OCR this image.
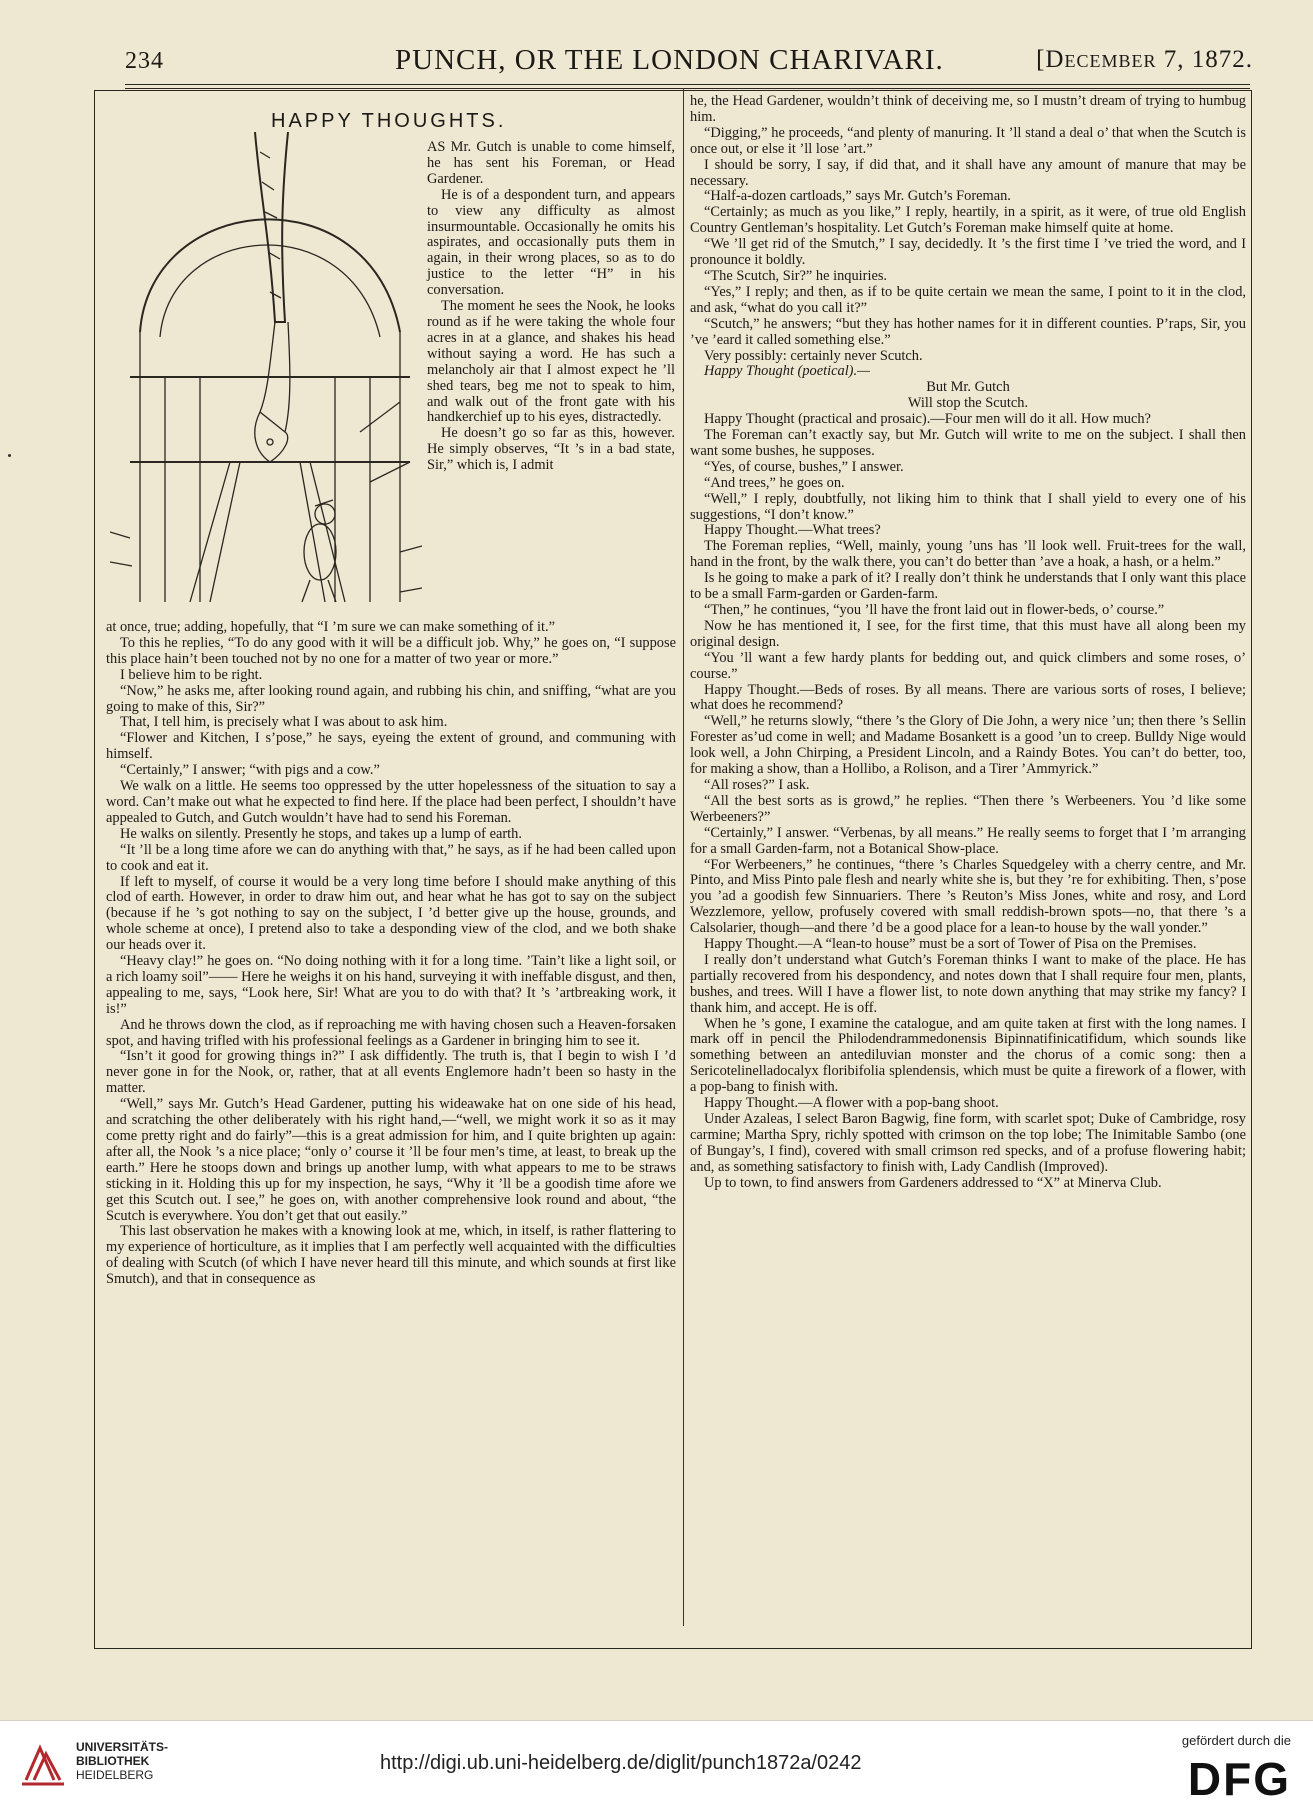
234	PUNCH, OR THE LONDON CHARIVARI.	[December 7, 1872.
HAPPY THOUGHTS.

AS Mr. Gutch is unable to come himself, he has sent his Foreman, or Head Gardener.

He is of a despondent turn, and appears to view any difficulty as almost insurmountable. Occasionally he omits his aspirates, and occasionally puts them in again, in their wrong places, so as to do justice to the letter “H” in his conversation.

The moment he sees the Nook, he looks round as if he were taking the whole four acres in at a glance, and shakes his head without saying a word. He has such a melancholy air that I almost expect he ’ll shed tears, beg me not to speak to him, and walk out of the front gate with his handkerchief up to his eyes, distractedly.

He doesn’t go so far as this, however. He simply observes, “It ’s in a bad state, Sir,” which is, I admit

at once, true; adding, hopefully, that “I ’m sure we can make something of it.”

To this he replies, “To do any good with it will be a difficult job. Why,” he goes on, “I suppose this place hain’t been touched not by no one for a matter of two year or more.”

I believe him to be right.

“Now,” he asks me, after looking round again, and rubbing his chin, and sniffing, “what are you going to make of this, Sir?”

That, I tell him, is precisely what I was about to ask him.

“Flower and Kitchen, I s’pose,” he says, eyeing the extent of ground, and communing with himself.

“Certainly,” I answer; “with pigs and a cow.”

We walk on a little. He seems too oppressed by the utter hopelessness of the situation to say a word. Can’t make out what he expected to find here. If the place had been perfect, I shouldn’t have appealed to Gutch, and Gutch wouldn’t have had to send his Foreman.

He walks on silently. Presently he stops, and takes up a lump of earth.

“It ’ll be a long time afore we can do anything with that,” he says, as if he had been called upon to cook and eat it.

If left to myself, of course it would be a very long time before I should make anything of this clod of earth. However, in order to draw him out, and hear what he has got to say on the subject (because if he ’s got nothing to say on the subject, I ’d better give up the house, grounds, and whole scheme at once), I pretend also to take a desponding view of the clod, and we both shake our heads over it.

“Heavy clay!” he goes on. “No doing nothing with it for a long time. ’Tain’t like a light soil, or a rich loamy soil”—— Here he weighs it on his hand, surveying it with ineffable disgust, and then, appealing to me, says, “Look here, Sir! What are you to do with that? It ’s ’artbreaking work, it is!”

And he throws down the clod, as if reproaching me with having chosen such a Heaven-forsaken spot, and having trifled with his professional feelings as a Gardener in bringing him to see it.

“Isn’t it good for growing things in?” I ask diffidently. The truth is, that I begin to wish I ’d never gone in for the Nook, or, rather, that at all events Englemore hadn’t been so hasty in the matter.

“Well,” says Mr. Gutch’s Head Gardener, putting his wideawake hat on one side of his head, and scratching the other deliberately with his right hand,—“well, we might work it so as it may come pretty right and do fairly”—this is a great admission for him, and I quite brighten up again: after all, the Nook ’s a nice place; “only o’ course it ’ll be four men’s time, at least, to break up the earth.” Here he stoops down and brings up another lump, with what appears to me to be straws sticking in it. Holding this up for my inspection, he says, “Why it ’ll be a goodish time afore we get this Scutch out. I see,” he goes on, with another comprehensive look round and about, “the Scutch is everywhere. You don’t get that out easily.”

This last observation he makes with a knowing look at me, which, in itself, is rather flattering to my experience of horticulture, as it implies that I am perfectly well acquainted with the difficulties of dealing with Scutch (of which I have never heard till this minute, and which sounds at first like Smutch), and that in consequence as

he, the Head Gardener, wouldn’t think of deceiving me, so I mustn’t dream of trying to humbug him.

“Digging,” he proceeds, “and plenty of manuring. It ’ll stand a deal o’ that when the Scutch is once out, or else it ’ll lose ’art.”

I should be sorry, I say, if did that, and it shall have any amount of manure that may be necessary.

“Half-a-dozen cartloads,” says Mr. Gutch’s Foreman.

“Certainly; as much as you like,” I reply, heartily, in a spirit, as it were, of true old English Country Gentleman’s hospitality. Let Gutch’s Foreman make himself quite at home.

“We ’ll get rid of the Smutch,” I say, decidedly. It ’s the first time I ’ve tried the word, and I pronounce it boldly.

“The Scutch, Sir?” he inquiries.

“Yes,” I reply; and then, as if to be quite certain we mean the same, I point to it in the clod, and ask, “what do you call it?”

“Scutch,” he answers; “but they has hother names for it in different counties. P’raps, Sir, you ’ve ’eard it called something else.”

Very possibly: certainly never Scutch.

Happy Thought (poetical).—

But Mr. Gutch

Will stop the Scutch.

Happy Thought (practical and prosaic).—Four men will do it all. How much?

The Foreman can’t exactly say, but Mr. Gutch will write to me on the subject. I shall then want some bushes, he supposes.

“Yes, of course, bushes,” I answer.

“And trees,” he goes on.

“Well,” I reply, doubtfully, not liking him to think that I shall yield to every one of his suggestions, “I don’t know.”

Happy Thought.—What trees?

The Foreman replies, “Well, mainly, young ’uns has ’ll look well. Fruit-trees for the wall, hand in the front, by the walk there, you can’t do better than ’ave a hoak, a hash, or a helm.”

Is he going to make a park of it? I really don’t think he understands that I only want this place to be a small Farm-garden or Garden-farm.

“Then,” he continues, “you ’ll have the front laid out in flower-beds, o’ course.”

Now he has mentioned it, I see, for the first time, that this must have all along been my original design.

“You ’ll want a few hardy plants for bedding out, and quick climbers and some roses, o’ course.”

Happy Thought.—Beds of roses. By all means. There are various sorts of roses, I believe; what does he recommend?

“Well,” he returns slowly, “there ’s the Glory of Die John, a wery nice ’un; then there ’s Sellin Forester as’ud come in well; and Madame Bosankett is a good ’un to creep. Bulldy Nige would look well, a John Chirping, a President Lincoln, and a Raindy Botes. You can’t do better, too, for making a show, than a Hollibo, a Rolison, and a Tirer ’Ammyrick.”

“All roses?” I ask.

“All the best sorts as is growd,” he replies. “Then there ’s Werbeeners. You ’d like some Werbeeners?”

“Certainly,” I answer. “Verbenas, by all means.” He really seems to forget that I ’m arranging for a small Garden-farm, not a Botanical Show-place.

“For Werbeeners,” he continues, “there ’s Charles Squedgeley with a cherry centre, and Mr. Pinto, and Miss Pinto pale flesh and nearly white she is, but they ’re for exhibiting. Then, s’pose you ’ad a goodish few Sinnuariers. There ’s Reuton’s Miss Jones, white and rosy, and Lord Wezzlemore, yellow, profusely covered with small reddish-brown spots—no, that there ’s a Calsolarier, though—and there ’d be a good place for a lean-to house by the wall yonder.”

Happy Thought.—A “lean-to house” must be a sort of Tower of Pisa on the Premises.

I really don’t understand what Gutch’s Foreman thinks I want to make of the place. He has partially recovered from his despondency, and notes down that I shall require four men, plants, bushes, and trees. Will I have a flower list, to note down anything that may strike my fancy? I thank him, and accept. He is off.

When he ’s gone, I examine the catalogue, and am quite taken at first with the long names. I mark off in pencil the Philodendrammedonensis Bipinnatifinicatifidum, which sounds like something between an antediluvian monster and the chorus of a comic song: then a Sericotelinelladocalyx floribifolia splendensis, which must be quite a firework of a flower, with a pop-bang to finish with.

Happy Thought.—A flower with a pop-bang shoot.

Under Azaleas, I select Baron Bagwig, fine form, with scarlet spot; Duke of Cambridge, rosy carmine; Martha Spry, richly spotted with crimson on the top lobe; The Inimitable Sambo (one of Bungay’s, I find), covered with small crimson red specks, and of a profuse flowering habit; and, as something satisfactory to finish with, Lady Candlish (Improved).

Up to town, to find answers from Gardeners addressed to “X” at Minerva Club.

UNIVERSITÄTS-
BIBLIOTHEK
HEIDELBERG
http://digi.ub.uni-heidelberg.de/diglit/punch1872a/0242
gefördert durch die
DFG
